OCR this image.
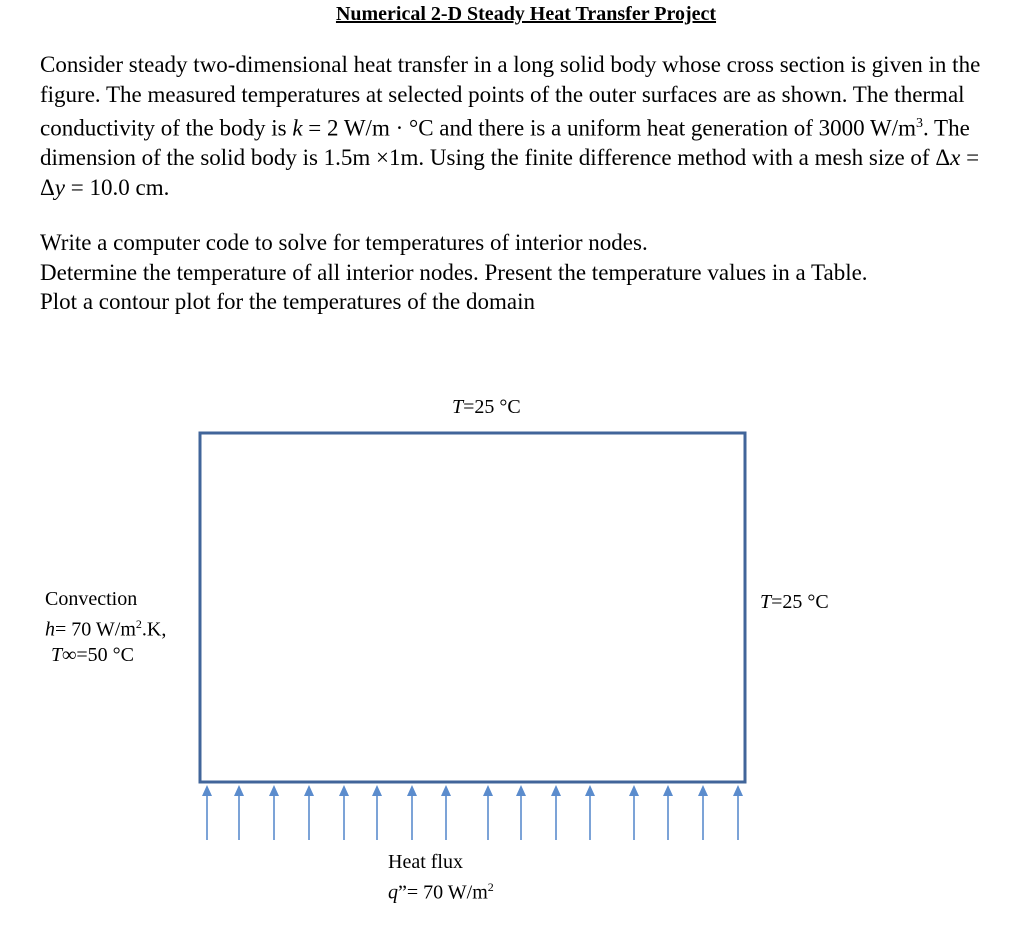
Numerical 2-D Steady Heat Transfer Project

Consider steady two-dimensional heat transfer in a long solid body whose cross section is given in the figure. The measured temperatures at selected points of the outer surfaces are as shown. The thermal conductivity of the body is k = 2 W/m · °C and there is a uniform heat generation of 3000 $W/m^3$. The dimension of the solid body is 1.5m ×1m. Using the finite difference method with a mesh size of Δx = Δy = 10.0 cm.

Write a computer code to solve for temperatures of interior nodes.

Determine the temperature of all interior nodes. Present the temperature values in a Table.

Plot a contour plot for the temperatures of the domain

T=25 °C
T=25 °C
Convection
h= 70 $W/m^2.K$,
T∞=50 °C
Heat flux
q”= 70 $W/m^2$
